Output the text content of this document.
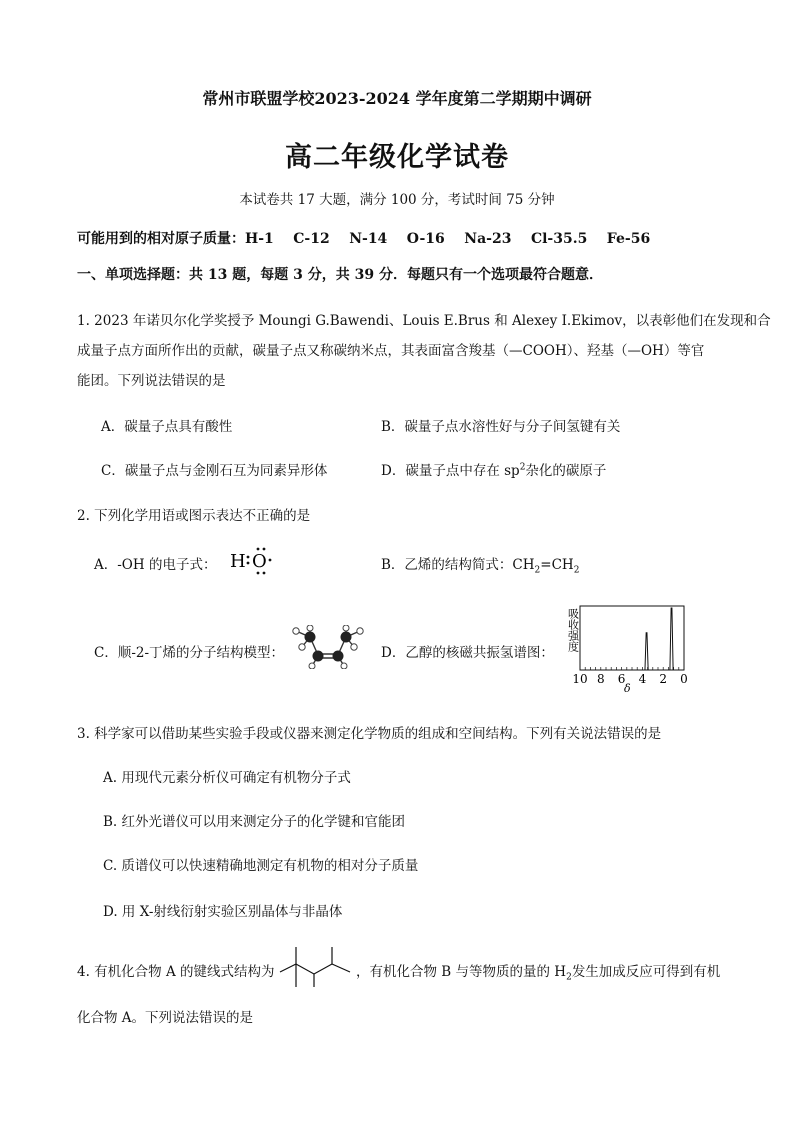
常州市联盟学校2023-2024 学年度第二学期期中调研
高二年级化学试卷
本试卷共 17 大题，满分 100 分，考试时间 75 分钟
可能用到的相对原子质量：H-1    C-12    N-14    O-16    Na-23    Cl-35.5    Fe-56
一、单项选择题：共 13 题，每题 3 分，共 39 分．每题只有一个选项最符合题意．
1. 2023 年诺贝尔化学奖授予 Moungi G.Bawendi、Louis E.Brus 和 Alexey I.Ekimov，以表彰他们在发现和合
成量子点方面所作出的贡献，碳量子点又称碳纳米点，其表面富含羧基（—COOH）、羟基（—OH）等官
能团。下列说法错误的是
A．碳量子点具有酸性	B．碳量子点水溶性好与分子间氢键有关
C．碳量子点与金刚石互为同素异形体	D．碳量子点中存在 $sp^2$杂化的碳原子
2. 下列化学用语或图示表达不正确的是
A．-OH 的电子式： H O	B．乙烯的结构简式：$CH_2=CH_2$
C．顺-2-丁烯的分子结构模型：	D．乙醇的核磁共振氢谱图：
吸收强度
10 8 6 4 2 0
δ
3. 科学家可以借助某些实验手段或仪器来测定化学物质的组成和空间结构。下列有关说法错误的是
A. 用现代元素分析仪可确定有机物分子式
B. 红外光谱仪可以用来测定分子的化学键和官能团
C. 质谱仪可以快速精确地测定有机物的相对分子质量
D. 用 X-射线衍射实验区别晶体与非晶体
4. 有机化合物 A 的键线式结构为	，有机化合物 B 与等物质的量的 $H_2$发生加成反应可得到有机
化合物 A。下列说法错误的是
